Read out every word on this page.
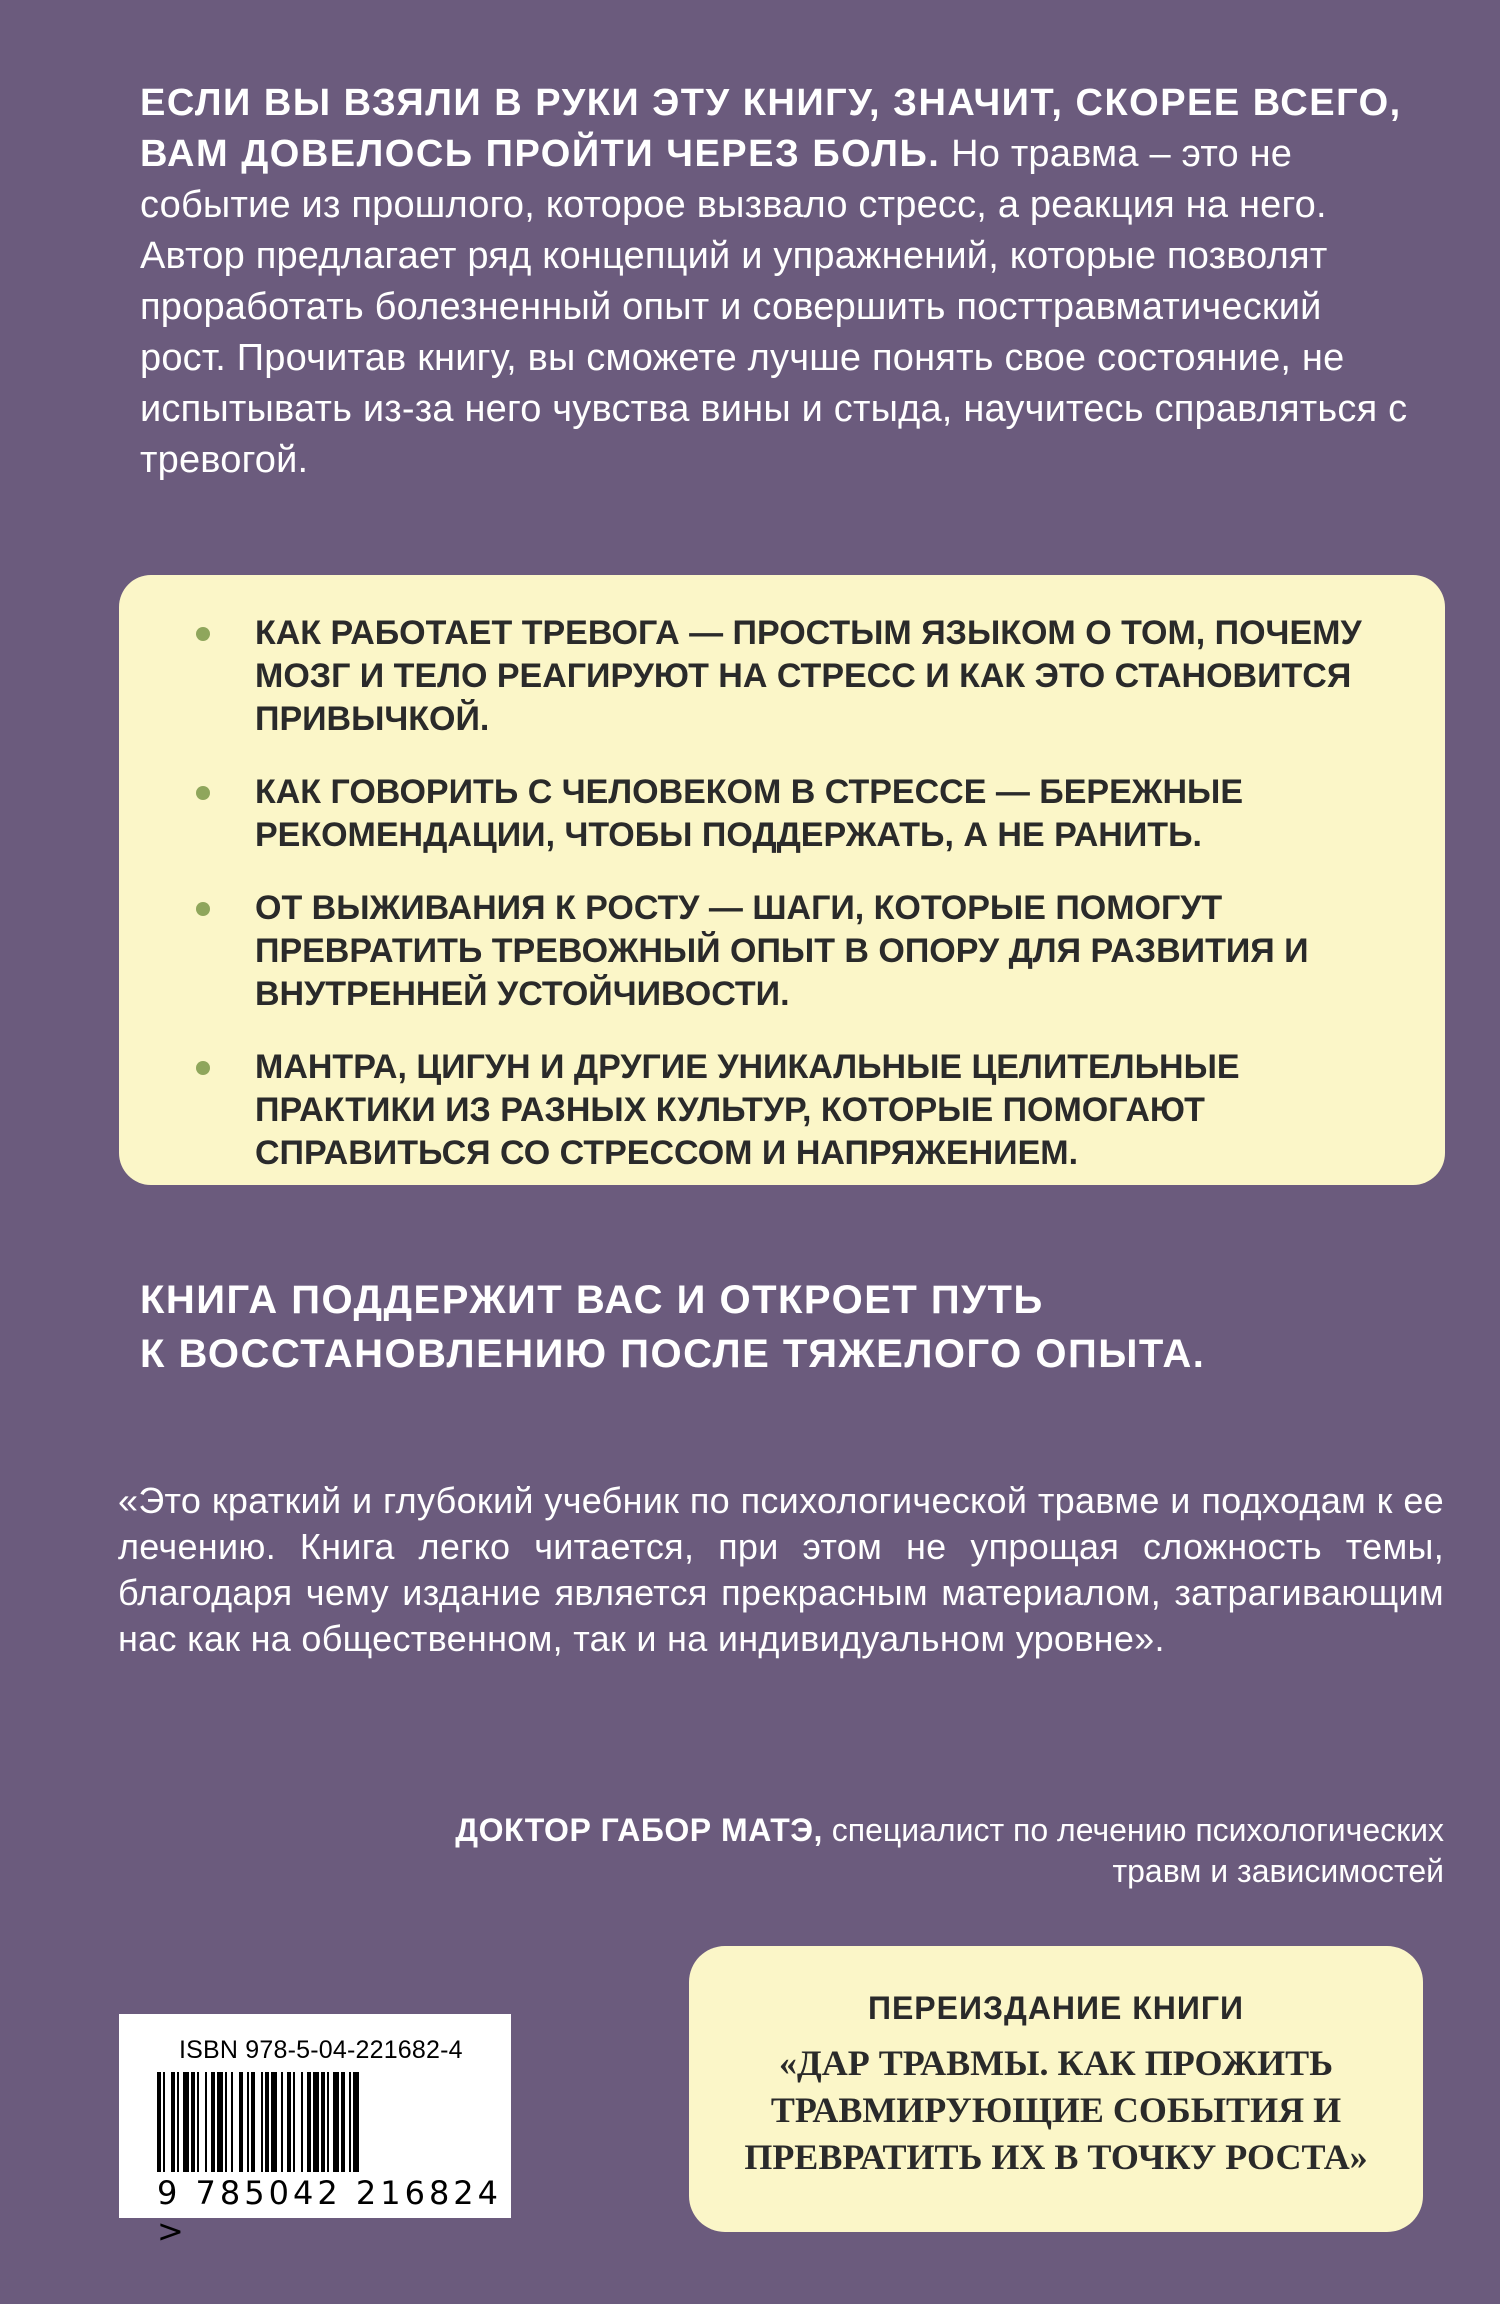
ЕСЛИ ВЫ ВЗЯЛИ В РУКИ ЭТУ КНИГУ, ЗНАЧИТ, СКОРЕЕ ВСЕГО, ВАМ ДОВЕЛОСЬ ПРОЙТИ ЧЕРЕЗ БОЛЬ. Но травма – это не событие из прошлого, которое вызвало стресс, а реакция на него. Автор предлагает ряд концепций и упражнений, которые позволят проработать болезненный опыт и совершить посттравматический рост. Прочитав книгу, вы сможете лучше понять свое состояние, не испытывать из-за него чувства вины и стыда, научитесь справляться с тревогой.
КАК РАБОТАЕТ ТРЕВОГА — ПРОСТЫМ ЯЗЫКОМ О ТОМ, ПОЧЕМУ МОЗГ И ТЕЛО РЕАГИРУЮТ НА СТРЕСС И КАК ЭТО СТАНОВИТСЯ ПРИВЫЧКОЙ.
КАК ГОВОРИТЬ С ЧЕЛОВЕКОМ В СТРЕССЕ — БЕРЕЖНЫЕ РЕКОМЕНДАЦИИ, ЧТОБЫ ПОДДЕРЖАТЬ, А НЕ РАНИТЬ.
ОТ ВЫЖИВАНИЯ К РОСТУ — ШАГИ, КОТОРЫЕ ПОМОГУТ ПРЕВРАТИТЬ ТРЕВОЖНЫЙ ОПЫТ В ОПОРУ ДЛЯ РАЗВИТИЯ И ВНУТРЕННЕЙ УСТОЙЧИВОСТИ.
МАНТРА, ЦИГУН И ДРУГИЕ УНИКАЛЬНЫЕ ЦЕЛИТЕЛЬНЫЕ ПРАКТИКИ ИЗ РАЗНЫХ КУЛЬТУР, КОТОРЫЕ ПОМОГАЮТ СПРАВИТЬСЯ СО СТРЕССОМ И НАПРЯЖЕНИЕМ.
КНИГА ПОДДЕРЖИТ ВАС И ОТКРОЕТ ПУТЬ
К ВОССТАНОВЛЕНИЮ ПОСЛЕ ТЯЖЕЛОГО ОПЫТА.
«Это краткий и глубокий учебник по психологической травме и подходам к ее лечению. Книга легко читается, при этом не упрощая сложность темы, благодаря чему издание является прекрасным материалом, затрагивающим нас как на общественном, так и на индивидуальном уровне».
ДОКТОР ГАБОР МАТЭ, специалист по лечению психологических
травм и зависимостей
ISBN 978-5-04-221682-4
9 785042 216824 >
ПЕРЕИЗДАНИЕ КНИГИ
«ДАР ТРАВМЫ. КАК ПРОЖИТЬ
ТРАВМИРУЮЩИЕ СОБЫТИЯ И
ПРЕВРАТИТЬ ИХ В ТОЧКУ РОСТА»
